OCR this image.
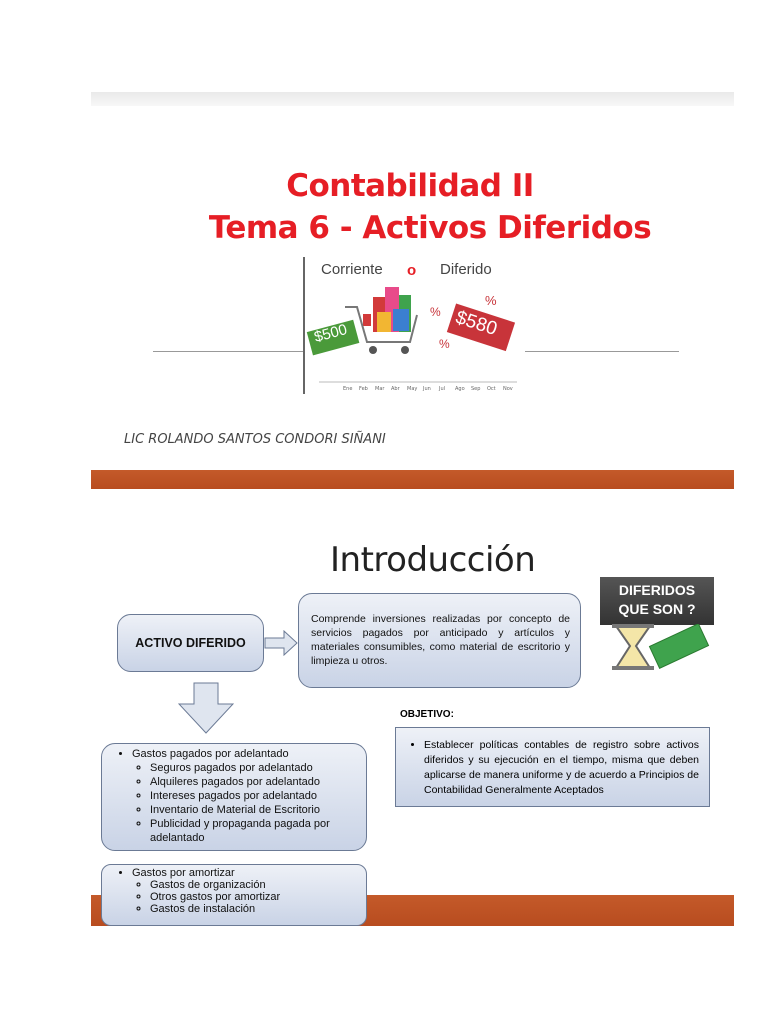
Contabilidad II
Tema 6 - Activos Diferidos
Ene Feb Mar Abr May Jun Jul Ago Sep Oct Nov
Corriente o Diferido
$500	$580
%
%
%
LIC ROLANDO SANTOS CONDORI SIÑANI
Introducción
DIFERIDOS
QUE SON ?
ACTIVO DIFERIDO
Comprende inversiones realizadas por concepto de servicios pagados por anticipado y artículos y materiales consumibles, como material de escritorio y limpieza u otros.
OBJETIVO:
• Establecer políticas contables de registro sobre activos diferidos y su ejecución en el tiempo, misma que deben aplicarse de manera uniforme y de acuerdo a Principios de Contabilidad Generalmente Aceptados
• Gastos pagados por adelantado
◦ Seguros pagados por adelantado
◦ Alquileres pagados por adelantado
◦ Intereses pagados por adelantado
◦ Inventario de Material de Escritorio
◦ Publicidad y propaganda pagada por adelantado
• Gastos por amortizar
◦ Gastos de organización
◦ Otros gastos por amortizar
◦ Gastos de instalación
